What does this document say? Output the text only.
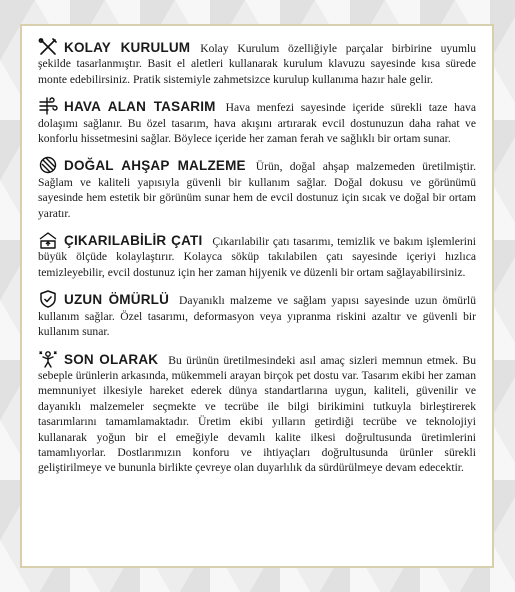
KOLAY KURULUM Kolay Kurulum özelliğiyle parçalar birbirine uyumlu şekilde tasarlanmıştır. Basit el aletleri kullanarak kurulum klavuzu sayesinde kısa sürede monte edebilirsiniz. Pratik sistemiyle zahmetsizce kurulup kullanıma hazır hale gelir.

HAVA ALAN TASARIM Hava menfezi sayesinde içeride sürekli taze hava dolaşımı sağlanır. Bu özel tasarım, hava akışını artırarak evcil dostunuzun daha rahat ve konforlu hissetmesini sağlar. Böylece içeride her zaman ferah ve sağlıklı bir ortam sunar.

DOĞAL AHŞAP MALZEME Ürün, doğal ahşap malzemeden üretilmiştir. Sağlam ve kaliteli yapısıyla güvenli bir kullanım sağlar. Doğal dokusu ve görünümü sayesinde hem estetik bir görünüm sunar hem de evcil dostunuz için sıcak ve doğal bir ortam yaratır.

ÇIKARILABİLİR ÇATI Çıkarılabilir çatı tasarımı, temizlik ve bakım işlemlerini büyük ölçüde kolaylaştırır. Kolayca söküp takılabilen çatı sayesinde içeriyi hızlıca temizleyebilir, evcil dostunuz için her zaman hijyenik ve düzenli bir ortam sağlayabilirsiniz.

UZUN ÖMÜRLÜ Dayanıklı malzeme ve sağlam yapısı sayesinde uzun ömürlü kullanım sağlar. Özel tasarımı, deformasyon veya yıpranma riskini azaltır ve güvenli bir kullanım sunar.

SON OLARAK Bu ürünün üretilmesindeki asıl amaç sizleri memnun etmek. Bu sebeple ürünlerin arkasında, mükemmeli arayan birçok pet dostu var. Tasarım ekibi her zaman memnuniyet ilkesiyle hareket ederek dünya standartlarına uygun, kaliteli, güvenilir ve dayanıklı malzemeler seçmekte ve tecrübe ile bilgi birikimini tutkuyla birleştirerek tasarımlarını tamamlamaktadır. Üretim ekibi yılların getirdiği tecrübe ve teknolojiyi kullanarak yoğun bir el emeğiyle devamlı kalite ilkesi doğrultusunda üretimlerini tamamlıyorlar. Dostlarımızın konforu ve ihtiyaçları doğrultusunda ürünler sürekli geliştirilmeye ve bununla birlikte çevreye olan duyarlılık da sürdürülmeye devam edecektir.
